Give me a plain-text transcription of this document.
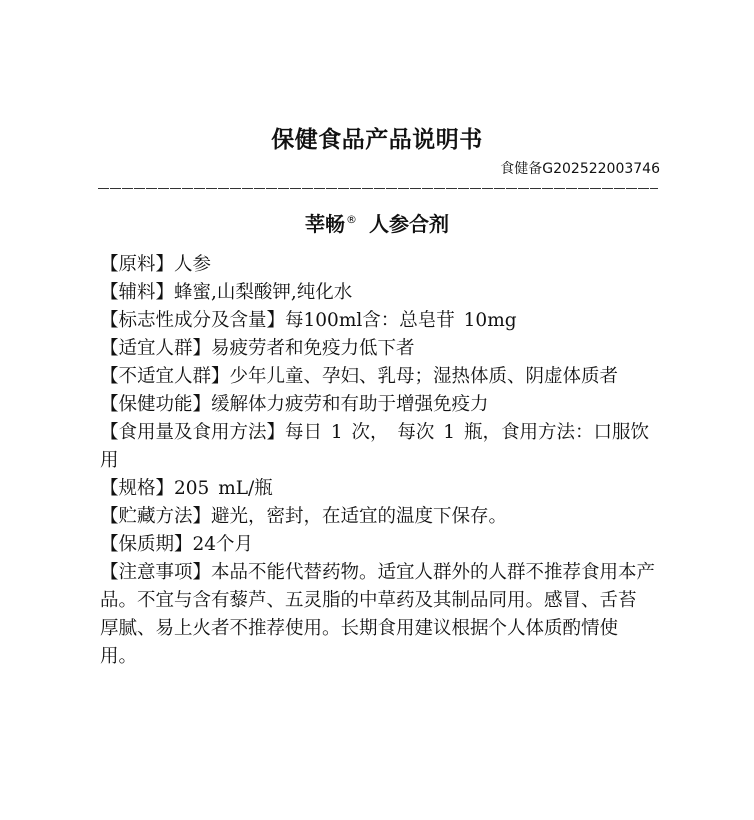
保健食品产品说明书
食健备G202522003746
莘畅® 人参合剂
【原料】人参
【辅料】蜂蜜,山梨酸钾,纯化水
【标志性成分及含量】每100ml含：总皂苷 10mg
【适宜人群】易疲劳者和免疫力低下者
【不适宜人群】少年儿童、孕妇、乳母；湿热体质、阴虚体质者
【保健功能】缓解体力疲劳和有助于增强免疫力
【食用量及食用方法】每日 1 次， 每次 1 瓶，食用方法：口服饮
用
【规格】205 mL/瓶
【贮藏方法】避光，密封，在适宜的温度下保存。
【保质期】24个月
【注意事项】本品不能代替药物。适宜人群外的人群不推荐食用本产
品。不宜与含有藜芦、五灵脂的中草药及其制品同用。感冒、舌苔
厚腻、易上火者不推荐使用。长期食用建议根据个人体质酌情使
用。
